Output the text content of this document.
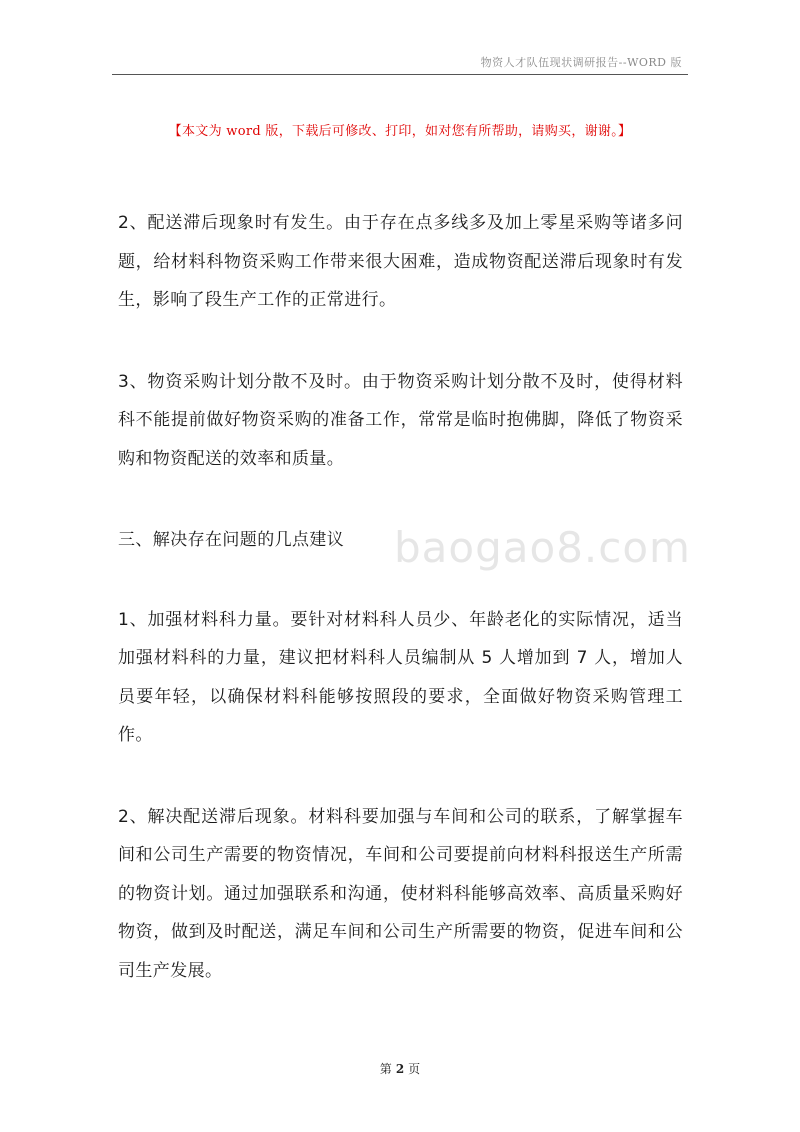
物资人才队伍现状调研报告--WORD 版
【本文为 word 版，下载后可修改、打印，如对您有所帮助，请购买，谢谢。】
baogao8.com

2、配送滞后现象时有发生。由于存在点多线多及加上零星采购等诸多问题，给材料科物资采购工作带来很大困难，造成物资配送滞后现象时有发生，影响了段生产工作的正常进行。

3、物资采购计划分散不及时。由于物资采购计划分散不及时，使得材料科不能提前做好物资采购的准备工作，常常是临时抱佛脚，降低了物资采购和物资配送的效率和质量。

三、解决存在问题的几点建议

1、加强材料科力量。要针对材料科人员少、年龄老化的实际情况，适当加强材料科的力量，建议把材料科人员编制从 5 人增加到 7 人，增加人员要年轻，以确保材料科能够按照段的要求，全面做好物资采购管理工作。

2、解决配送滞后现象。材料科要加强与车间和公司的联系，了解掌握车间和公司生产需要的物资情况，车间和公司要提前向材料科报送生产所需的物资计划。通过加强联系和沟通，使材料科能够高效率、高质量采购好物资，做到及时配送，满足车间和公司生产所需要的物资，促进车间和公司生产发展。

第 2 页
